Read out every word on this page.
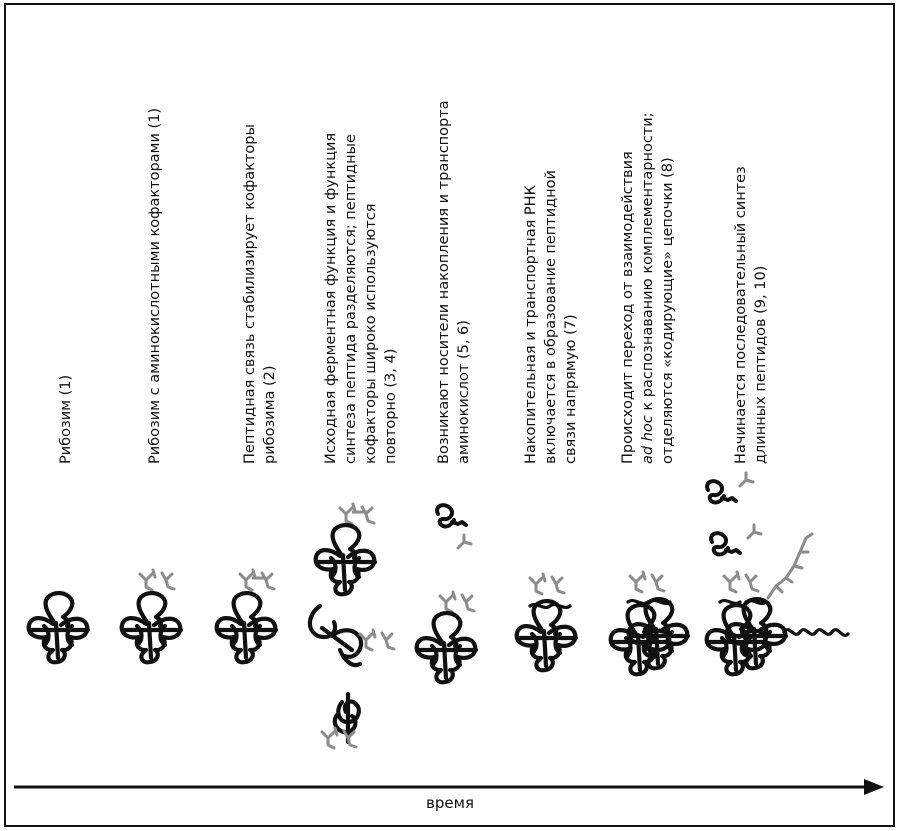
Рибозим (1)	Рибозим с аминокислотными кофакторами (1)	Пептидная связь стабилизирует кофакторы рибозима (2)	Исходная ферментная функция и функция синтеза пептида разделяются; пептидные кофакторы широко используются повторно (3, 4)	Возникают носители накопления и транспорта аминокислот (5, 6)	Накопительная и транспортная РНК включается в образование пептидной связи напрямую (7)	Происходит переход от взаимодействия ad hoc к распознаванию комплементарности; отделяются «кодирующие» цепочки (8)	Начинается последовательный синтез длинных пептидов (9, 10)
время
